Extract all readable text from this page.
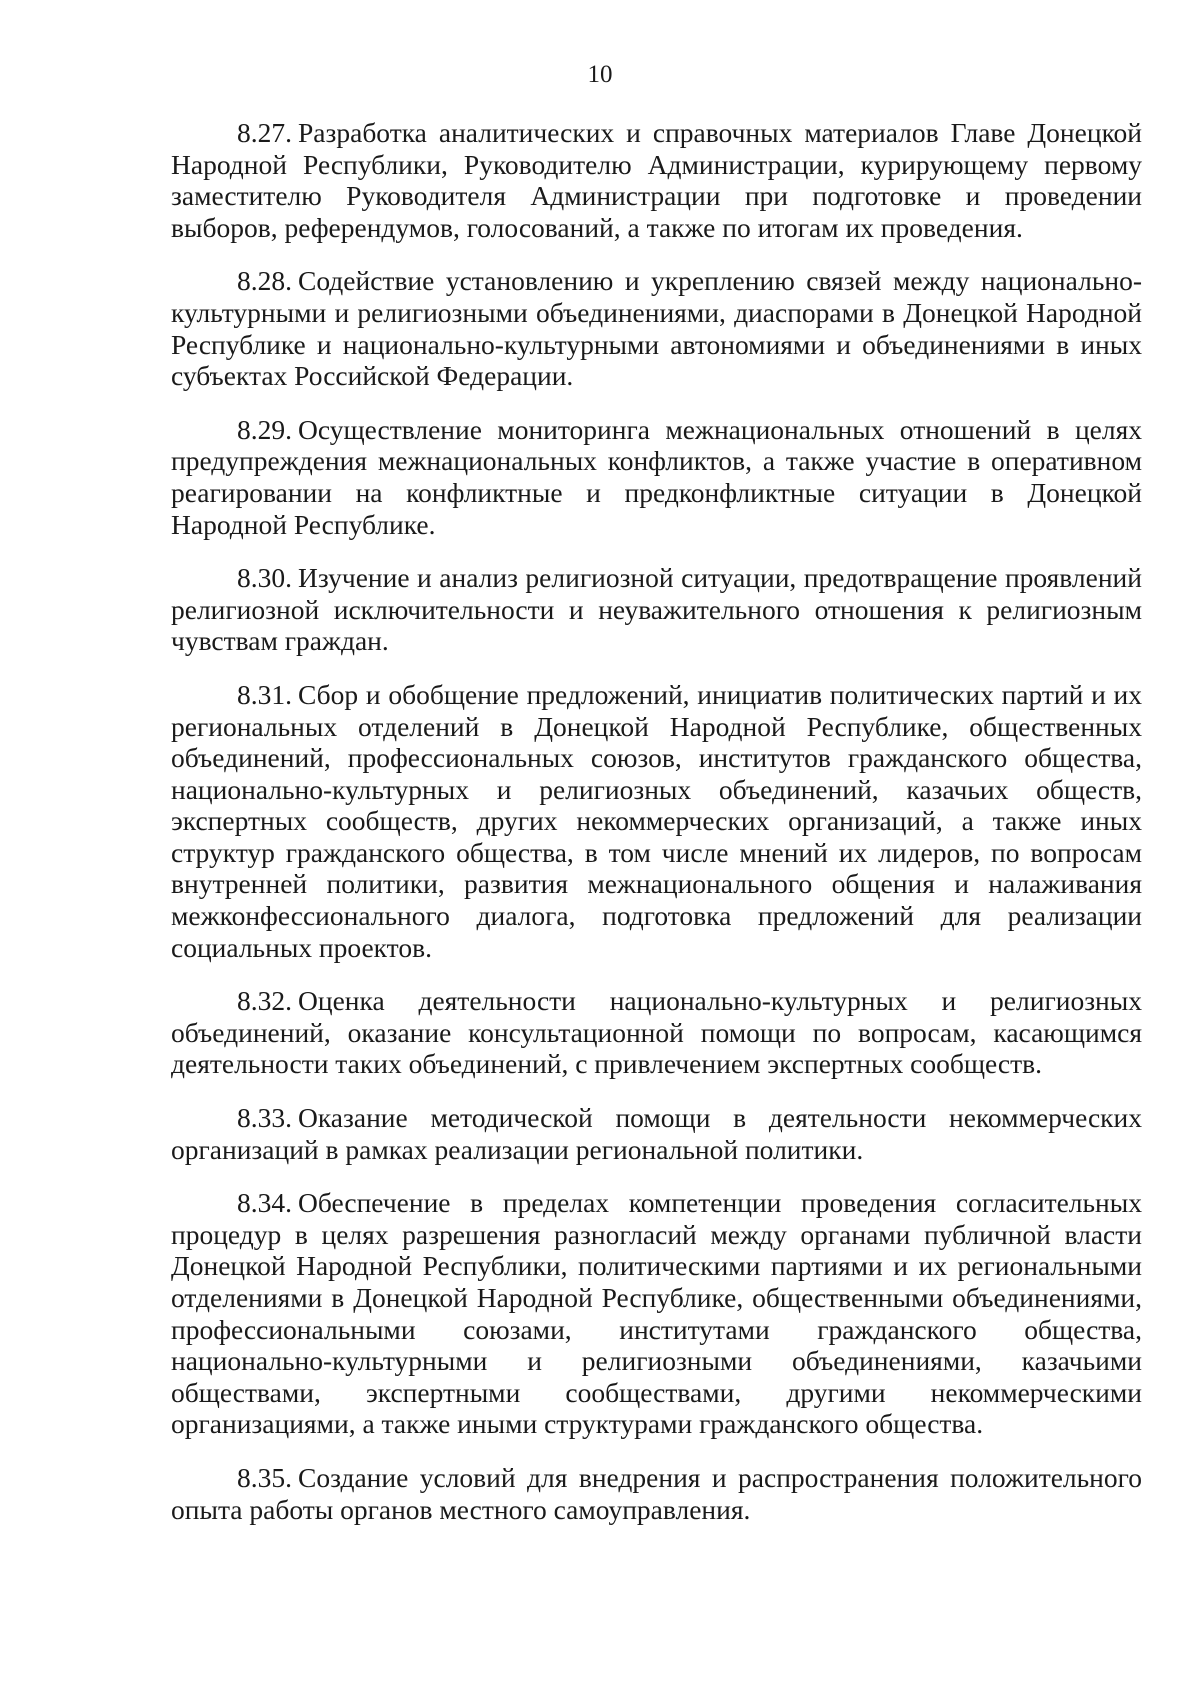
10

8.27. Разработка аналитических и справочных материалов Главе Донецкой Народной Республики, Руководителю Администрации, курирующему первому заместителю Руководителя Администрации при подготовке и проведении выборов, референдумов, голосований, а также по итогам их проведения.

8.28. Содействие установлению и укреплению связей между национально-культурными и религиозными объединениями, диаспорами в Донецкой Народной Республике и национально-культурными автономиями и объединениями в иных субъектах Российской Федерации.

8.29. Осуществление мониторинга межнациональных отношений в целях предупреждения межнациональных конфликтов, а также участие в оперативном реагировании на конфликтные и предконфликтные ситуации в Донецкой Народной Республике.

8.30. Изучение и анализ религиозной ситуации, предотвращение проявлений религиозной исключительности и неуважительного отношения к религиозным чувствам граждан.

8.31. Сбор и обобщение предложений, инициатив политических партий и их региональных отделений в Донецкой Народной Республике, общественных объединений, профессиональных союзов, институтов гражданского общества, национально-культурных и религиозных объединений, казачьих обществ, экспертных сообществ, других некоммерческих организаций, а также иных структур гражданского общества, в том числе мнений их лидеров, по вопросам внутренней политики, развития межнационального общения и налаживания межконфессионального диалога, подготовка предложений для реализации социальных проектов.

8.32. Оценка деятельности национально-культурных и религиозных объединений, оказание консультационной помощи по вопросам, касающимся деятельности таких объединений, с привлечением экспертных сообществ.

8.33. Оказание методической помощи в деятельности некоммерческих организаций в рамках реализации региональной политики.

8.34. Обеспечение в пределах компетенции проведения согласительных процедур в целях разрешения разногласий между органами публичной власти Донецкой Народной Республики, политическими партиями и их региональными отделениями в Донецкой Народной Республике, общественными объединениями, профессиональными союзами, институтами гражданского общества, национально-культурными и религиозными объединениями, казачьими обществами, экспертными сообществами, другими некоммерческими организациями, а также иными структурами гражданского общества.

8.35. Создание условий для внедрения и распространения положительного опыта работы органов местного самоуправления.
